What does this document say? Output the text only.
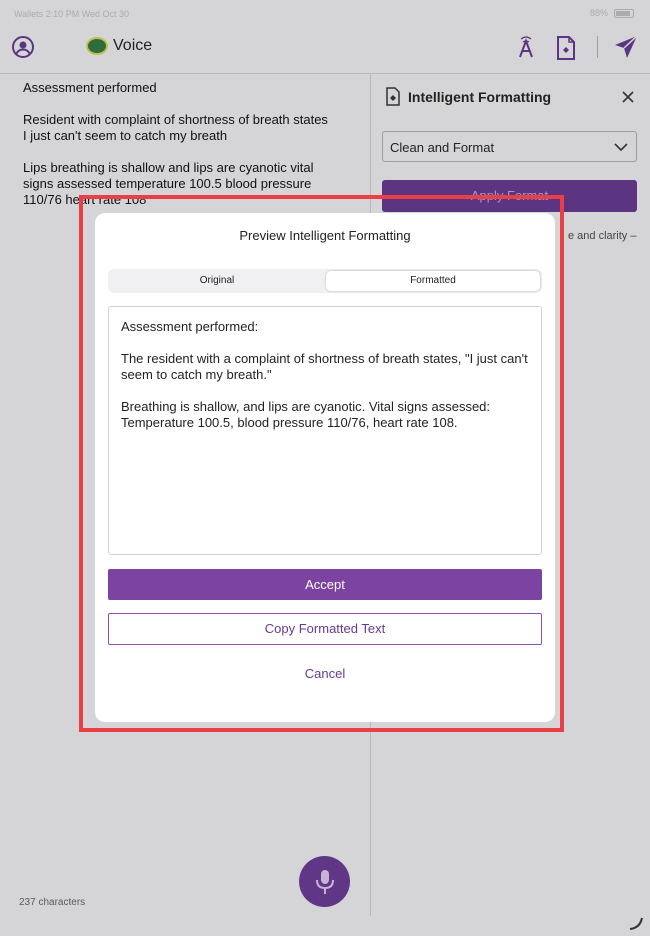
Wallets 2:10 PM Wed Oct 30	88%
Voice

Assessment performed

Resident with complaint of shortness of breath states
I just can't seem to catch my breath

Lips breathing is shallow and lips are cyanotic vital
signs assessed temperature 100.5 blood pressure
110/76 heart rate 108

237 characters
Intelligent Formatting
Clean and Format
Apply Format
e and clarity –
Preview Intelligent Formatting
Original	Formatted

Assessment performed:

The resident with a complaint of shortness of breath states, "I just can't seem to catch my breath."

Breathing is shallow, and lips are cyanotic. Vital signs assessed: Temperature 100.5, blood pressure 110/76, heart rate 108.

Accept
Copy Formatted Text
Cancel
